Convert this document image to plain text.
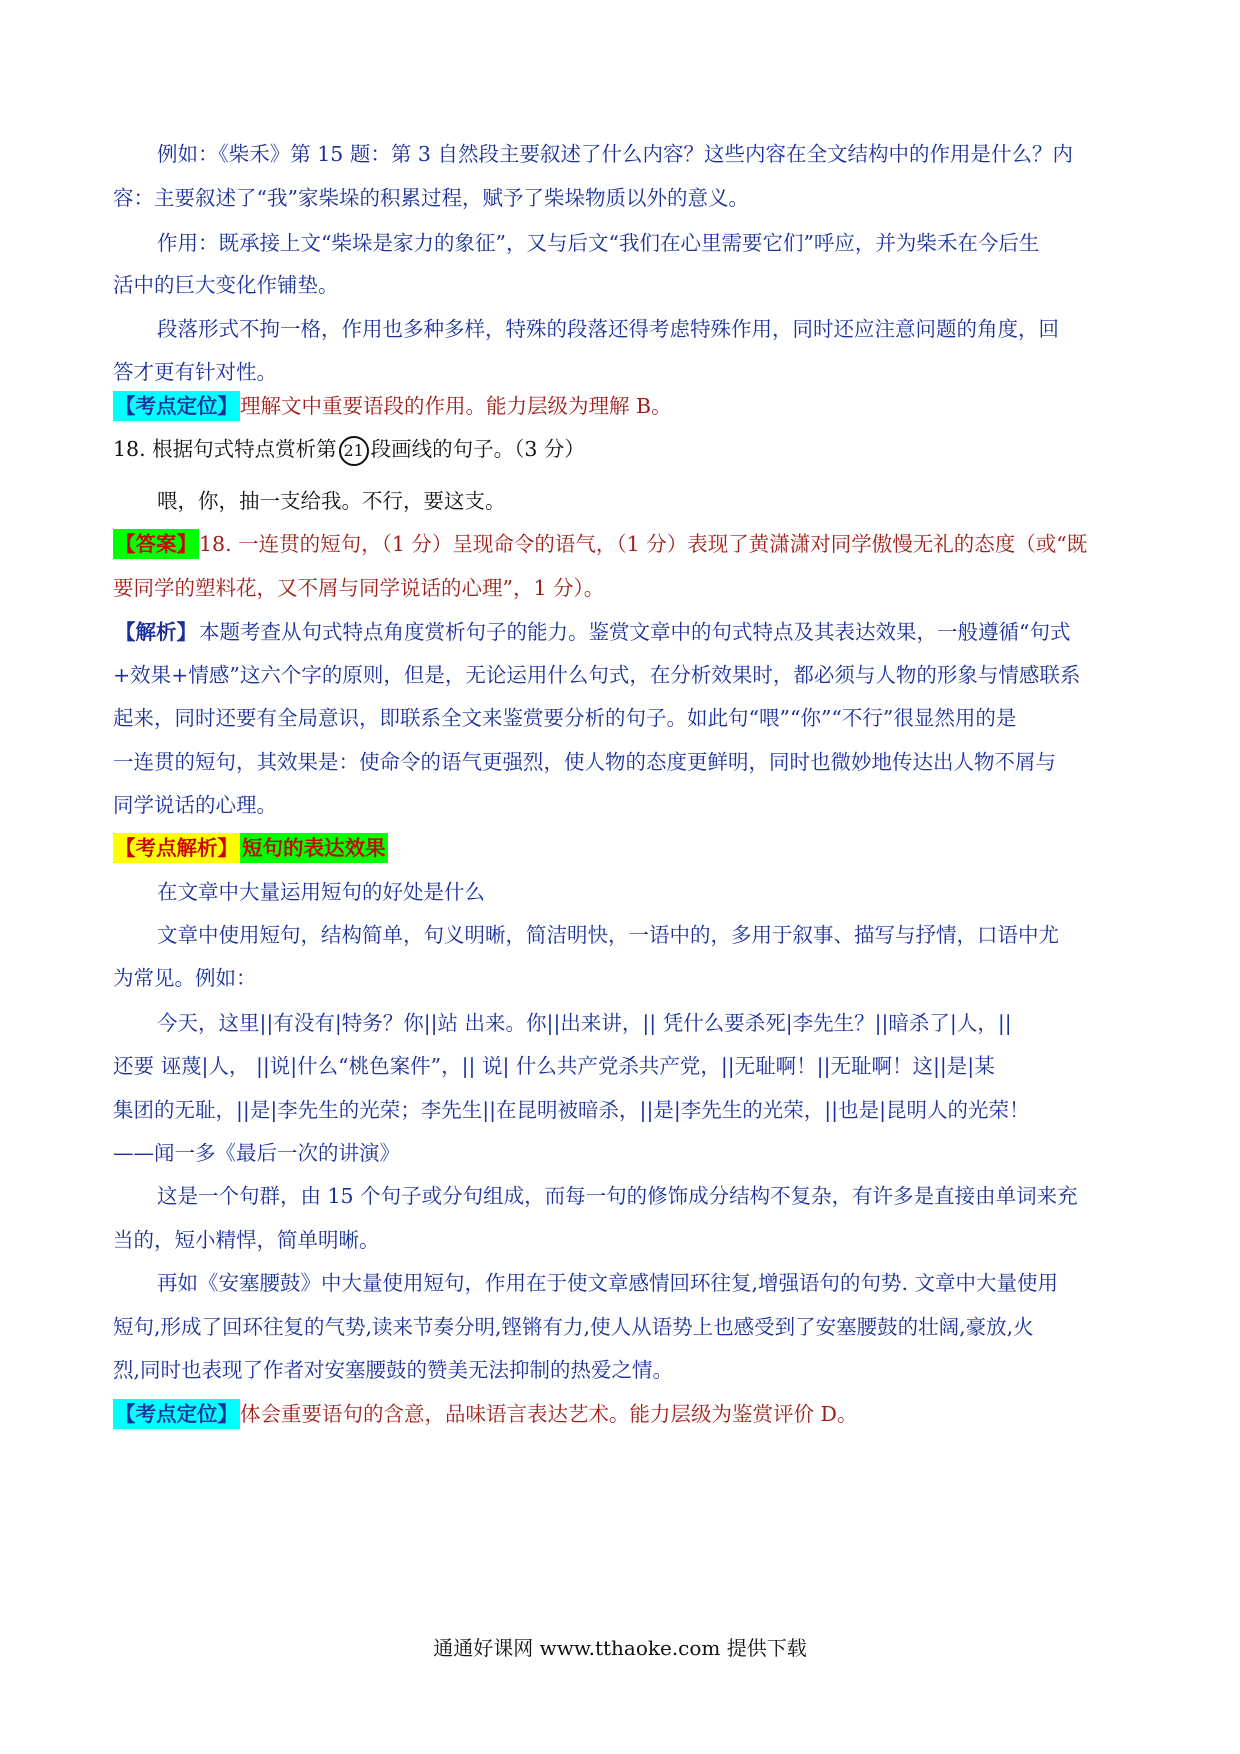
例如：《柴禾》第 15 题：第 3 自然段主要叙述了什么内容？这些内容在全文结构中的作用是什么？内
容：主要叙述了“我”家柴垛的积累过程，赋予了柴垛物质以外的意义。
作用：既承接上文“柴垛是家力的象征”，又与后文“我们在心里需要它们”呼应，并为柴禾在今后生
活中的巨大变化作铺垫。
段落形式不拘一格，作用也多种多样，特殊的段落还得考虑特殊作用，同时还应注意问题的角度，回
答才更有针对性。
【考点定位】理解文中重要语段的作用。能力层级为理解 B。
18. 根据句式特点赏析第 21 段画线的句子。（3 分）
喂，你，抽一支给我。不行，要这支。
【答案】18. 一连贯的短句，（1 分）呈现命令的语气，（1 分）表现了黄潇潇对同学傲慢无礼的态度（或“既
要同学的塑料花，又不屑与同学说话的心理”，1 分）。
【解析】本题考查从句式特点角度赏析句子的能力。鉴赏文章中的句式特点及其表达效果，一般遵循“句式
+效果+情感”这六个字的原则，但是，无论运用什么句式，在分析效果时，都必须与人物的形象与情感联系
起来，同时还要有全局意识，即联系全文来鉴赏要分析的句子。如此句“喂”“你”“不行”很显然用的是
一连贯的短句，其效果是：使命令的语气更强烈，使人物的态度更鲜明，同时也微妙地传达出人物不屑与
同学说话的心理。
【考点解析】 短句的表达效果
在文章中大量运用短句的好处是什么
文章中使用短句，结构简单，句义明晰，简洁明快，一语中的，多用于叙事、描写与抒情，口语中尤
为常见。例如：
今天，这里||有没有|特务？你||站 出来。你||出来讲，|| 凭什么要杀死|李先生？||暗杀了|人，||
还要 诬蔑|人， ||说|什么“桃色案件”，|| 说| 什么共产党杀共产党，||无耻啊！||无耻啊！这||是|某
集团的无耻，||是|李先生的光荣；李先生||在昆明被暗杀，||是|李先生的光荣，||也是|昆明人的光荣！
——闻一多《最后一次的讲演》
这是一个句群，由 15 个句子或分句组成，而每一句的修饰成分结构不复杂，有许多是直接由单词来充
当的，短小精悍，简单明晰。
再如《安塞腰鼓》中大量使用短句，作用在于使文章感情回环往复,增强语句的句势. 文章中大量使用
短句,形成了回环往复的气势,读来节奏分明,铿锵有力,使人从语势上也感受到了安塞腰鼓的壮阔,豪放,火
烈,同时也表现了作者对安塞腰鼓的赞美无法抑制的热爱之情。
【考点定位】体会重要语句的含意，品味语言表达艺术。能力层级为鉴赏评价 D。
通通好课网 www.tthaoke.com 提供下载
